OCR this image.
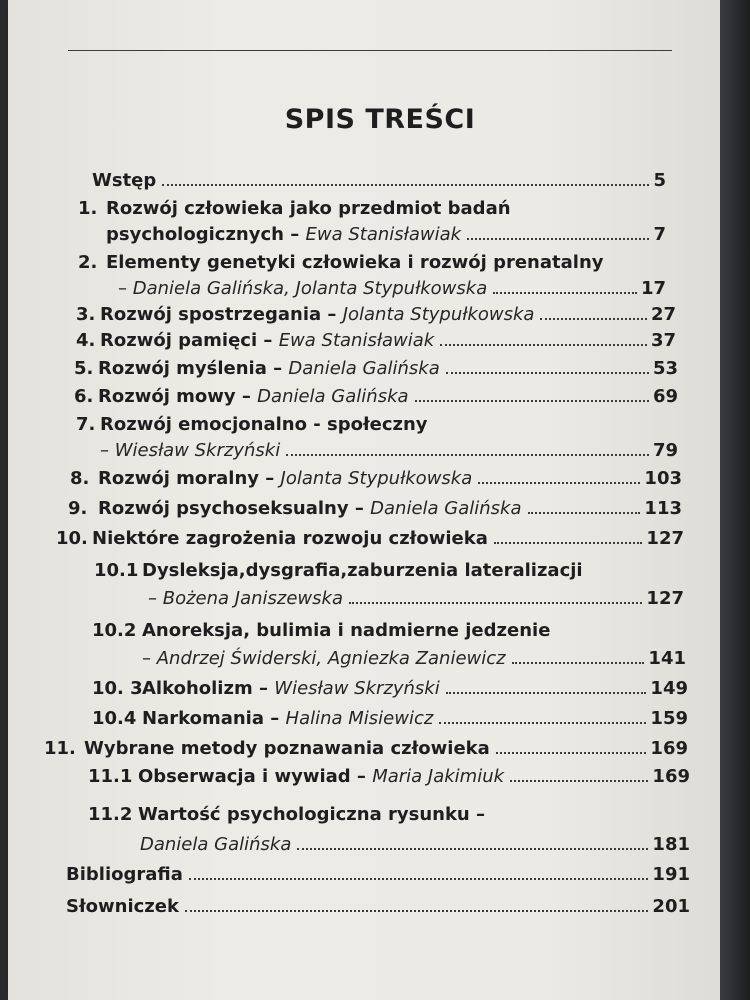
SPIS TREŚCI
Wstęp	5
1. Rozwój człowieka jako przedmiot badań
psychologicznych – Ewa Stanisławiak	7
2. Elementy genetyki człowieka i rozwój prenatalny
– Daniela Galińska, Jolanta Stypułkowska	17
3. Rozwój spostrzegania – Jolanta Stypułkowska	27
4. Rozwój pamięci – Ewa Stanisławiak	37
5. Rozwój myślenia – Daniela Galińska	53
6. Rozwój mowy – Daniela Galińska	69
7. Rozwój emocjonalno - społeczny
– Wiesław Skrzyński	79
8. Rozwój moralny – Jolanta Stypułkowska	103
9. Rozwój psychoseksualny – Daniela Galińska	113
10. Niektóre zagrożenia rozwoju człowieka	127
10.1 Dysleksja,dysgrafia,zaburzenia lateralizacji
– Bożena Janiszewska	127
10.2 Anoreksja, bulimia i nadmierne jedzenie
– Andrzej Świderski, Agniezka Zaniewicz	141
10. 3 Alkoholizm – Wiesław Skrzyński	149
10.4 Narkomania – Halina Misiewicz	159
11. Wybrane metody poznawania człowieka	169
11.1 Obserwacja i wywiad – Maria Jakimiuk	169
11.2 Wartość psychologiczna rysunku –
Daniela Galińska	181
Bibliografia	191
Słowniczek	201
